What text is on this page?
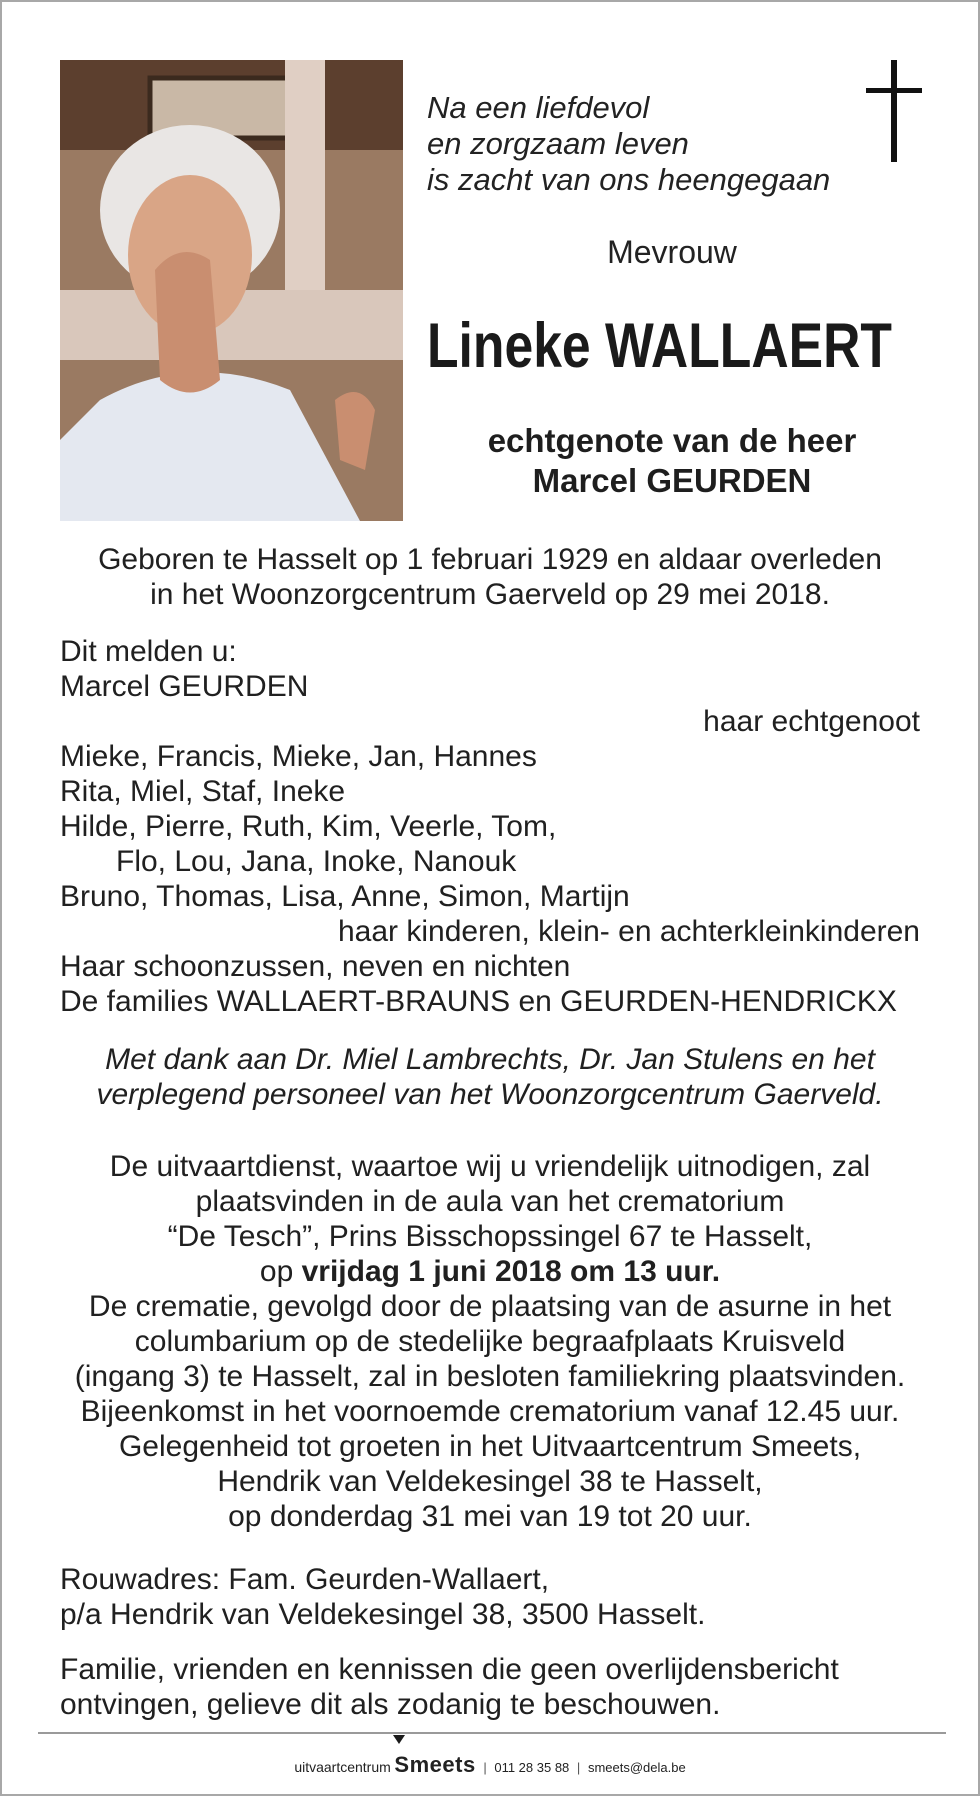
Na een liefdevol
en zorgzaam leven
is zacht van ons heengegaan
Mevrouw
Lineke WALLAERT
echtgenote van de heer
Marcel GEURDEN
Geboren te Hasselt op 1 februari 1929 en aldaar overleden
in het Woonzorgcentrum Gaerveld op 29 mei 2018.
Dit melden u:
Marcel GEURDEN
haar echtgenoot
Mieke, Francis, Mieke, Jan, Hannes
Rita, Miel, Staf, Ineke
Hilde, Pierre, Ruth, Kim, Veerle, Tom,
Flo, Lou, Jana, Inoke, Nanouk
Bruno, Thomas, Lisa, Anne, Simon, Martijn
haar kinderen, klein- en achterkleinkinderen
Haar schoonzussen, neven en nichten
De families WALLAERT-BRAUNS en GEURDEN-HENDRICKX
Met dank aan Dr. Miel Lambrechts, Dr. Jan Stulens en het
verplegend personeel van het Woonzorgcentrum Gaerveld.
De uitvaartdienst, waartoe wij u vriendelijk uitnodigen, zal
plaatsvinden in de aula van het crematorium
“De Tesch”, Prins Bisschopssingel 67 te Hasselt,
op vrijdag 1 juni 2018 om 13 uur.
De crematie, gevolgd door de plaatsing van de asurne in het
columbarium op de stedelijke begraafplaats Kruisveld
(ingang 3) te Hasselt, zal in besloten familiekring plaatsvinden.
Bijeenkomst in het voornoemde crematorium vanaf 12.45 uur.
Gelegenheid tot groeten in het Uitvaartcentrum Smeets,
Hendrik van Veldekesingel 38 te Hasselt,
op donderdag 31 mei van 19 tot 20 uur.
Rouwadres: Fam. Geurden-Wallaert,
p/a Hendrik van Veldekesingel 38, 3500 Hasselt.
Familie, vrienden en kennissen die geen overlijdensbericht
ontvingen, gelieve dit als zodanig te beschouwen.
uitvaartcentrum Smeets | 011 28 35 88 | smeets@dela.be
